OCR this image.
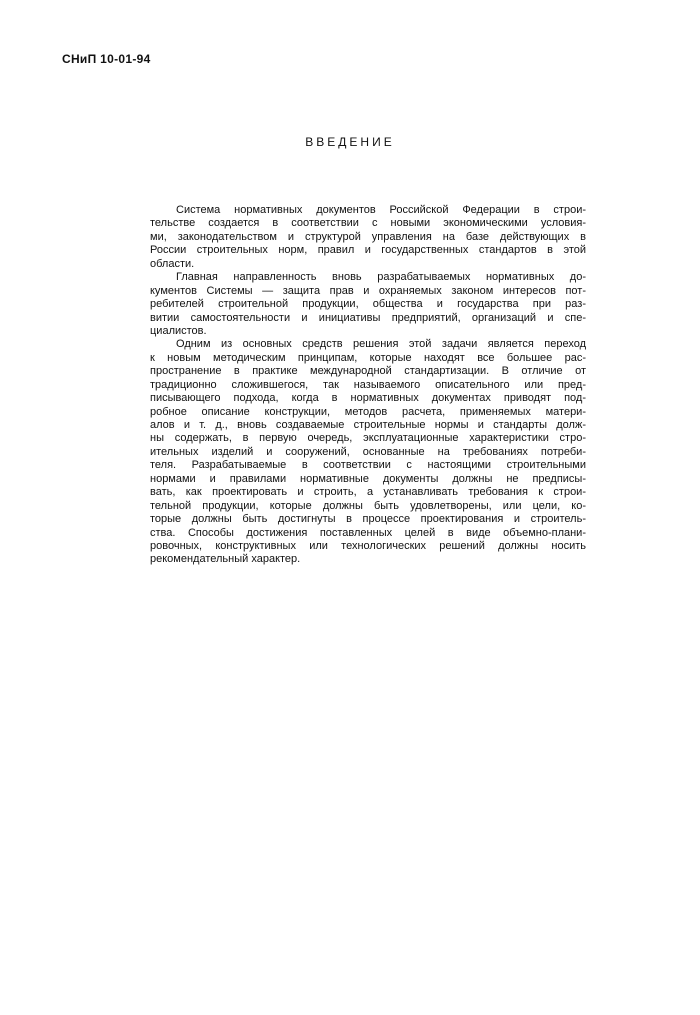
СНиП 10-01-94
ВВЕДЕНИЕ
Система нормативных документов Российской Федерации в строи-
тельстве создается в соответствии с новыми экономическими условия-
ми, законодательством и структурой управления на базе действующих в
России строительных норм, правил и государственных стандартов в этой
области.
Главная направленность вновь разрабатываемых нормативных до-
кументов Системы — защита прав и охраняемых законом интересов пот-
ребителей строительной продукции, общества и государства при раз-
витии самостоятельности и инициативы предприятий, организаций и спе-
циалистов.
Одним из основных средств решения этой задачи является переход
к новым методическим принципам, которые находят все большее рас-
пространение в практике международной стандартизации. В отличие от
традиционно сложившегося, так называемого описательного или пред-
писывающего подхода, когда в нормативных документах приводят под-
робное описание конструкции, методов расчета, применяемых матери-
алов и т. д., вновь создаваемые строительные нормы и стандарты долж-
ны содержать, в первую очередь, эксплуатационные характеристики стро-
ительных изделий и сооружений, основанные на требованиях потреби-
теля. Разрабатываемые в соответствии с настоящими строительными
нормами и правилами нормативные документы должны не предписы-
вать, как проектировать и строить, а устанавливать требования к строи-
тельной продукции, которые должны быть удовлетворены, или цели, ко-
торые должны быть достигнуты в процессе проектирования и строитель-
ства. Способы достижения поставленных целей в виде объемно-плани-
ровочных, конструктивных или технологических решений должны носить
рекомендательный характер.
